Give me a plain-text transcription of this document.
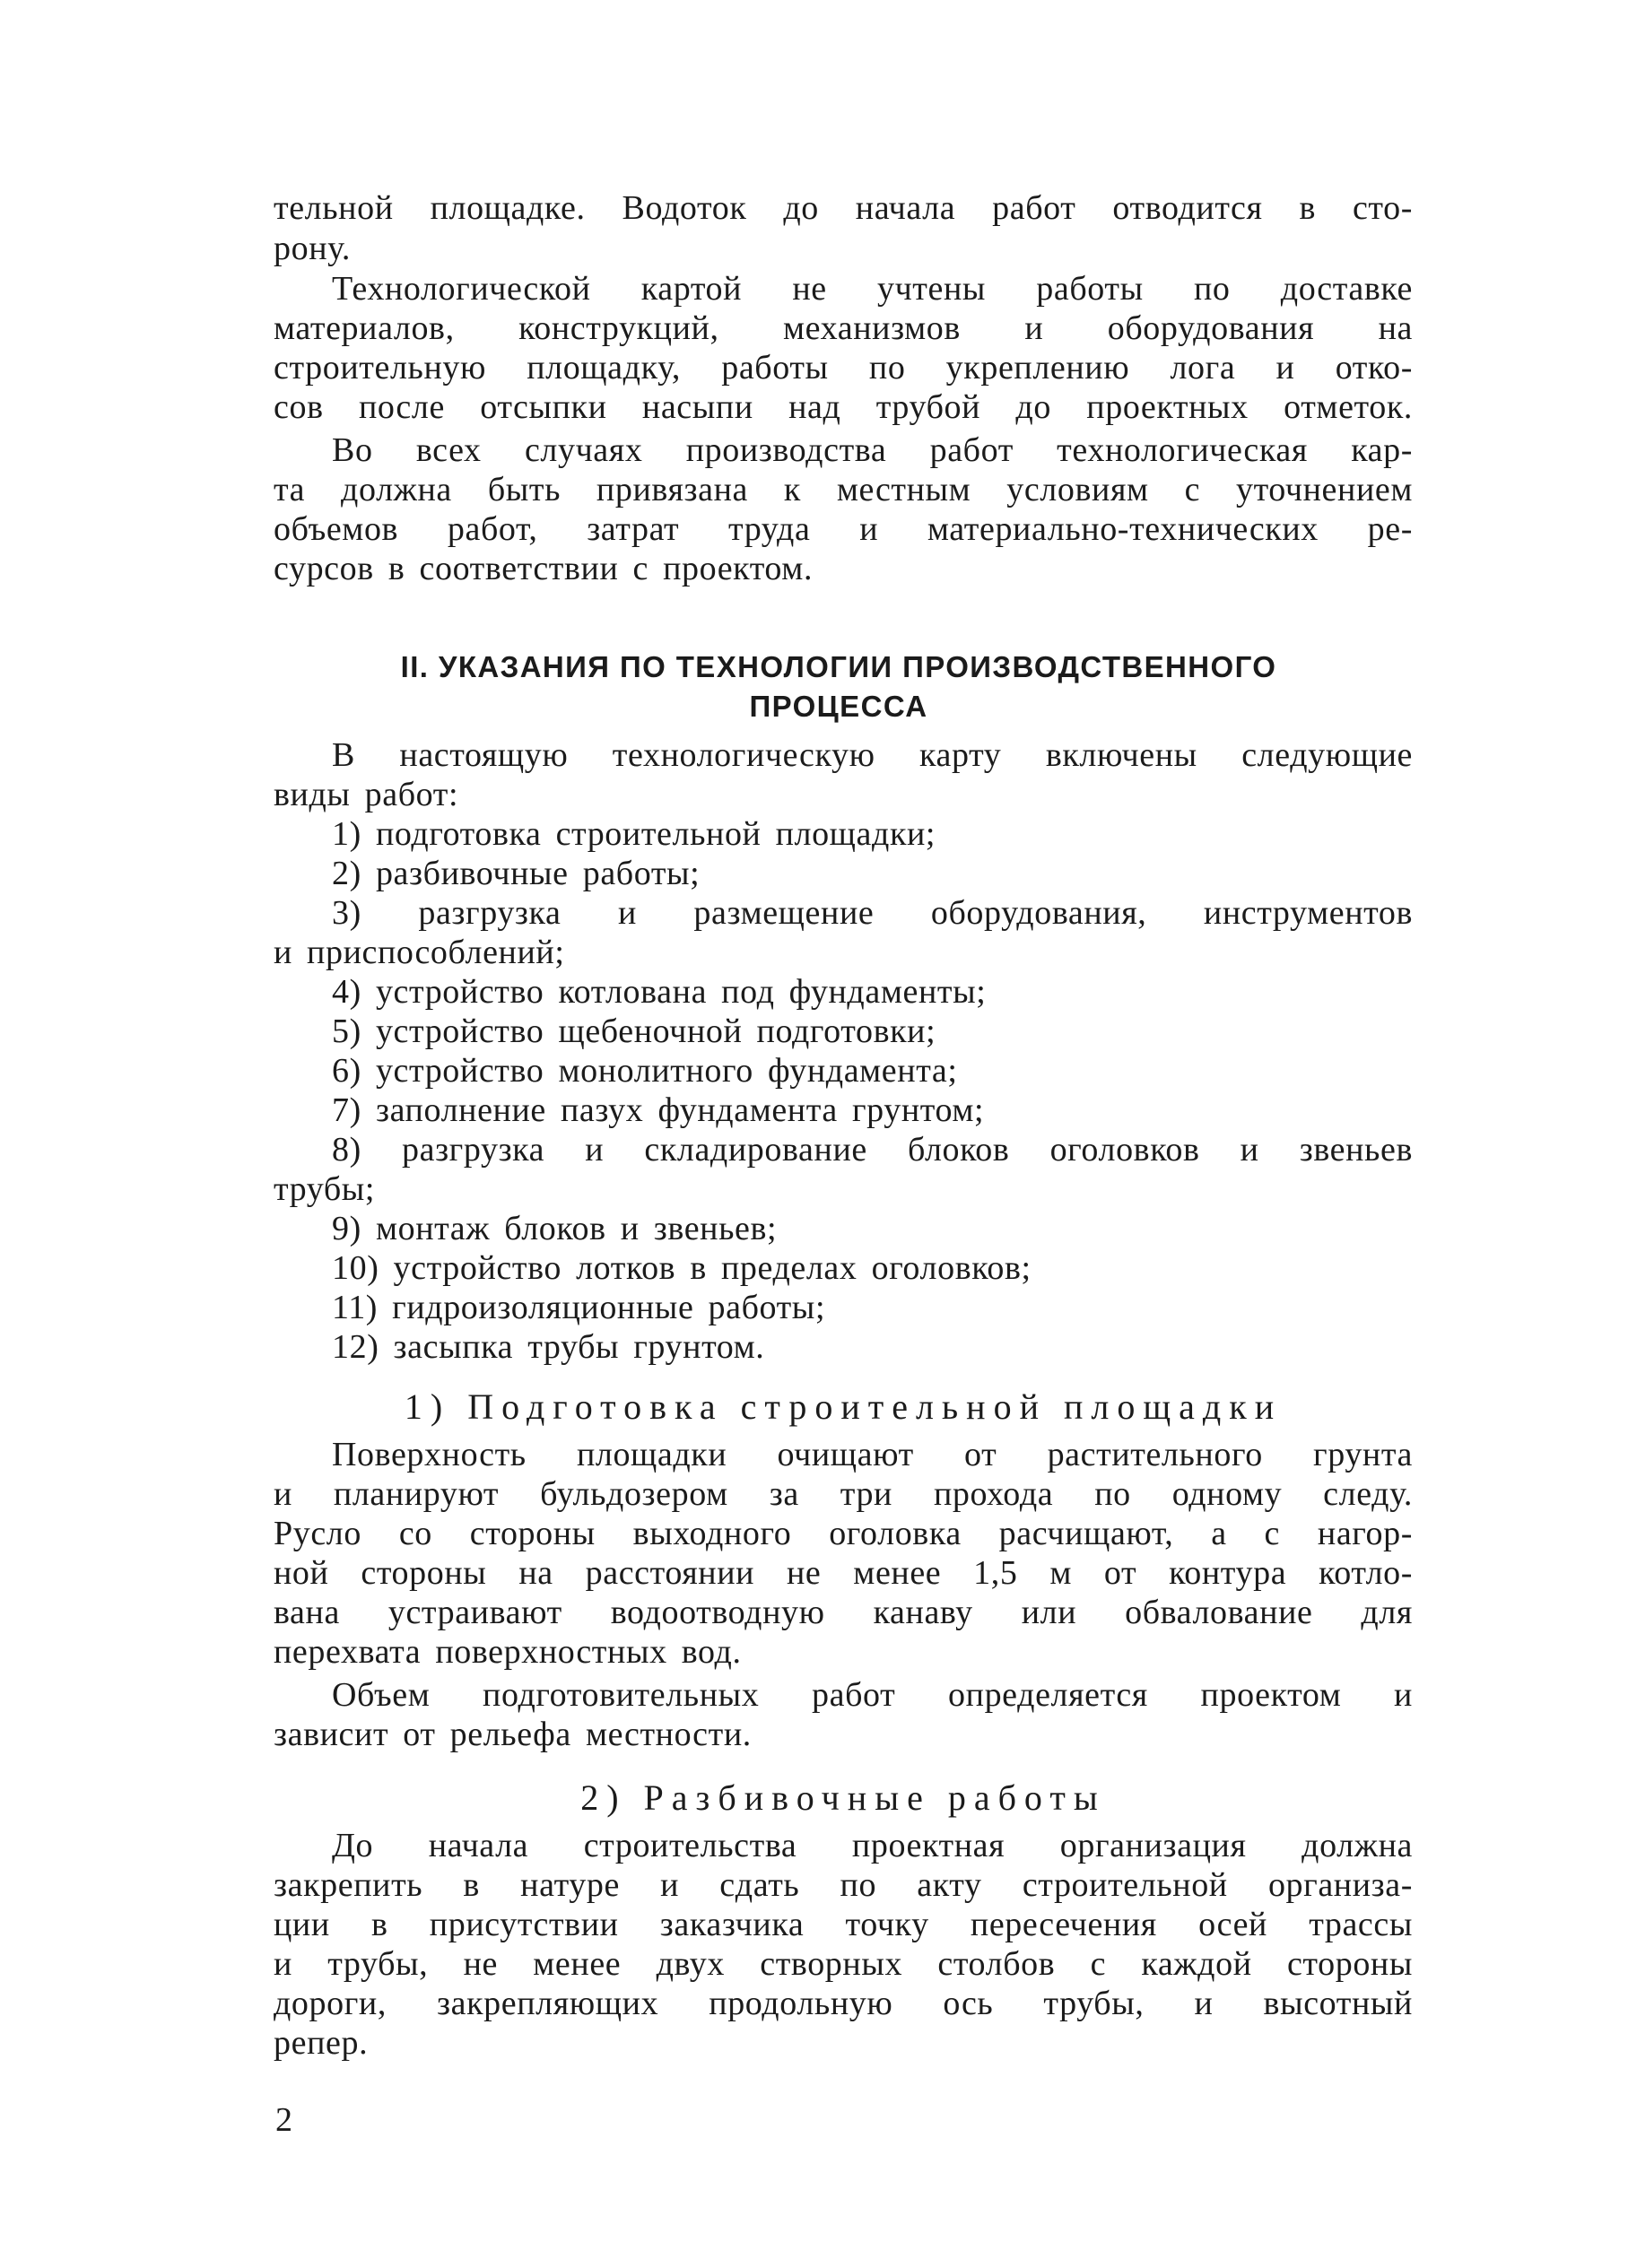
тельной площадке. Водоток до начала работ отводится в сто-
рону.
Технологической картой не учтены работы по доставке
материалов, конструкций, механизмов и оборудования на
строительную площадку, работы по укреплению лога и отко-
сов после отсыпки насыпи над трубой до проектных отметок.
Во всех случаях производства работ технологическая кар-
та должна быть привязана к местным условиям с уточнением
объемов работ, затрат труда и материально-технических ре-
сурсов в соответствии с проектом.
II. УКАЗАНИЯ ПО ТЕХНОЛОГИИ ПРОИЗВОДСТВЕННОГО
ПРОЦЕССА
В настоящую технологическую карту включены следующие
виды работ:
1) подготовка строительной площадки;
2) разбивочные работы;
3) разгрузка и размещение оборудования, инструментов
и приспособлений;
4) устройство котлована под фундаменты;
5) устройство щебеночной подготовки;
6) устройство монолитного фундамента;
7) заполнение пазух фундамента грунтом;
8) разгрузка и складирование блоков оголовков и звеньев
трубы;
9) монтаж блоков и звеньев;
10) устройство лотков в пределах оголовков;
11) гидроизоляционные работы;
12) засыпка трубы грунтом.
1) Подготовка строительной площадки
Поверхность площадки очищают от растительного грунта
и планируют бульдозером за три прохода по одному следу.
Русло со стороны выходного оголовка расчищают, а с нагор-
ной стороны на расстоянии не менее 1,5 м от контура котло-
вана устраивают водоотводную канаву или обвалование для
перехвата поверхностных вод.
Объем подготовительных работ определяется проектом и
зависит от рельефа местности.
2) Разбивочные работы
До начала строительства проектная организация должна
закрепить в натуре и сдать по акту строительной организа-
ции в присутствии заказчика точку пересечения осей трассы
и трубы, не менее двух створных столбов с каждой стороны
дороги, закрепляющих продольную ось трубы, и высотный
репер.
2
